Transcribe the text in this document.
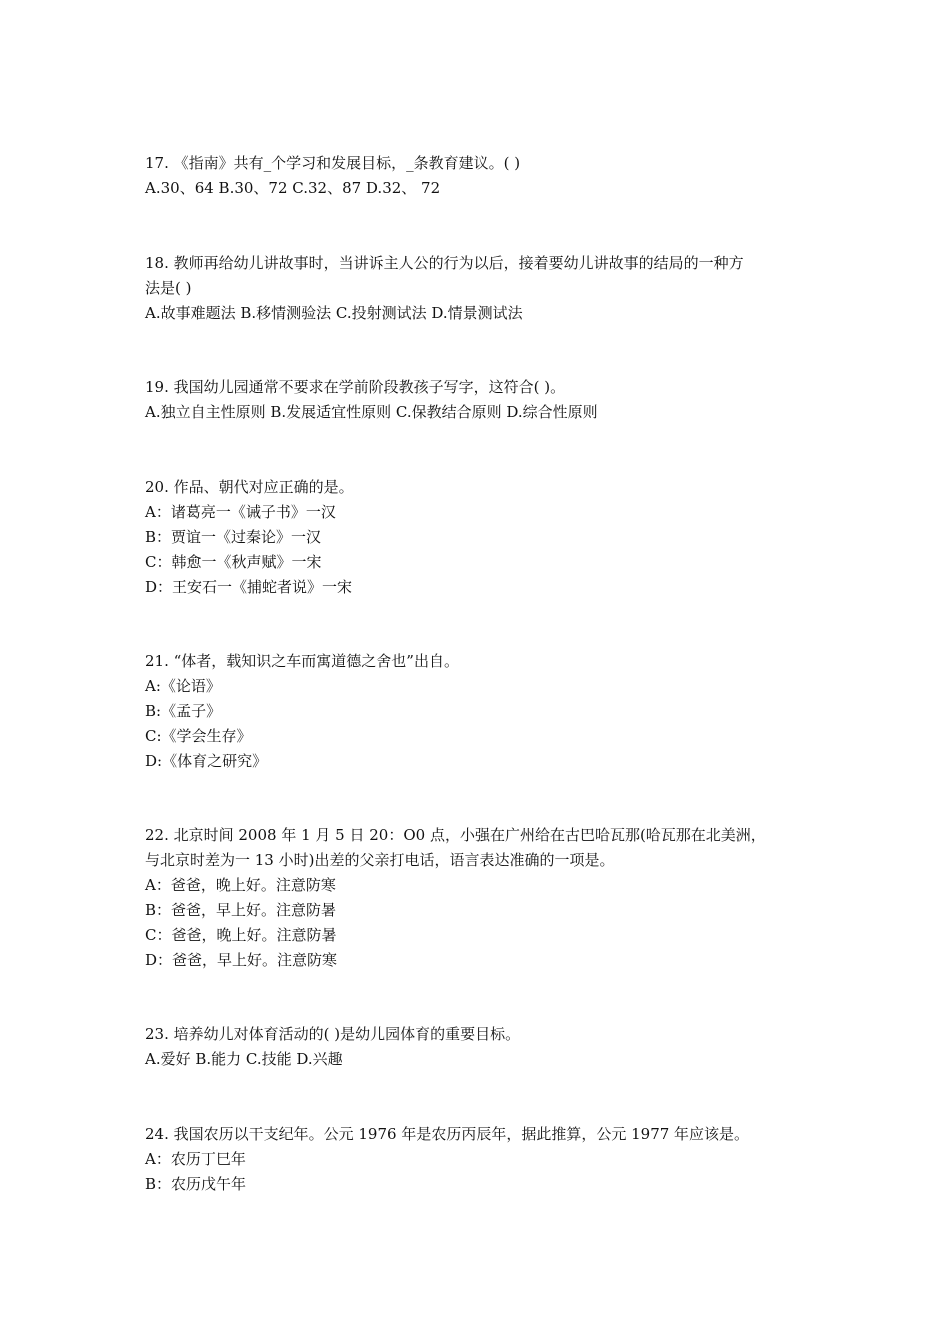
17. 《指南》共有_个学习和发展目标，_条教育建议。( )
A.30、64 B.30、72 C.32、87 D.32、 72
18. 教师再给幼儿讲故事时，当讲诉主人公的行为以后，接着要幼儿讲故事的结局的一种方
法是( )
A.故事难题法 B.移情测验法 C.投射测试法 D.情景测试法
19. 我国幼儿园通常不要求在学前阶段教孩子写字，这符合( )。
A.独立自主性原则 B.发展适宜性原则 C.保教结合原则 D.综合性原则
20. 作品、朝代对应正确的是。
A：诸葛亮一《诫子书》一汉
B：贾谊一《过秦论》一汉
C：韩愈一《秋声赋》一宋
D：王安石一《捕蛇者说》一宋
21. “体者，载知识之车而寓道德之舍也”出自。
A:《论语》
B:《孟子》
C:《学会生存》
D:《体育之研究》
22. 北京时间 2008 年 1 月 5 日 20：O0 点，小强在广州给在古巴哈瓦那(哈瓦那在北美洲，
与北京时差为一 13 小时)出差的父亲打电话，语言表达准确的一项是。
A：爸爸，晚上好。注意防寒
B：爸爸，早上好。注意防暑
C：爸爸，晚上好。注意防暑
D：爸爸，早上好。注意防寒
23. 培养幼儿对体育活动的( )是幼儿园体育的重要目标。
A.爱好 B.能力 C.技能 D.兴趣
24. 我国农历以干支纪年。公元 1976 年是农历丙辰年，据此推算，公元 1977 年应该是。
A：农历丁巳年
B：农历戊午年
